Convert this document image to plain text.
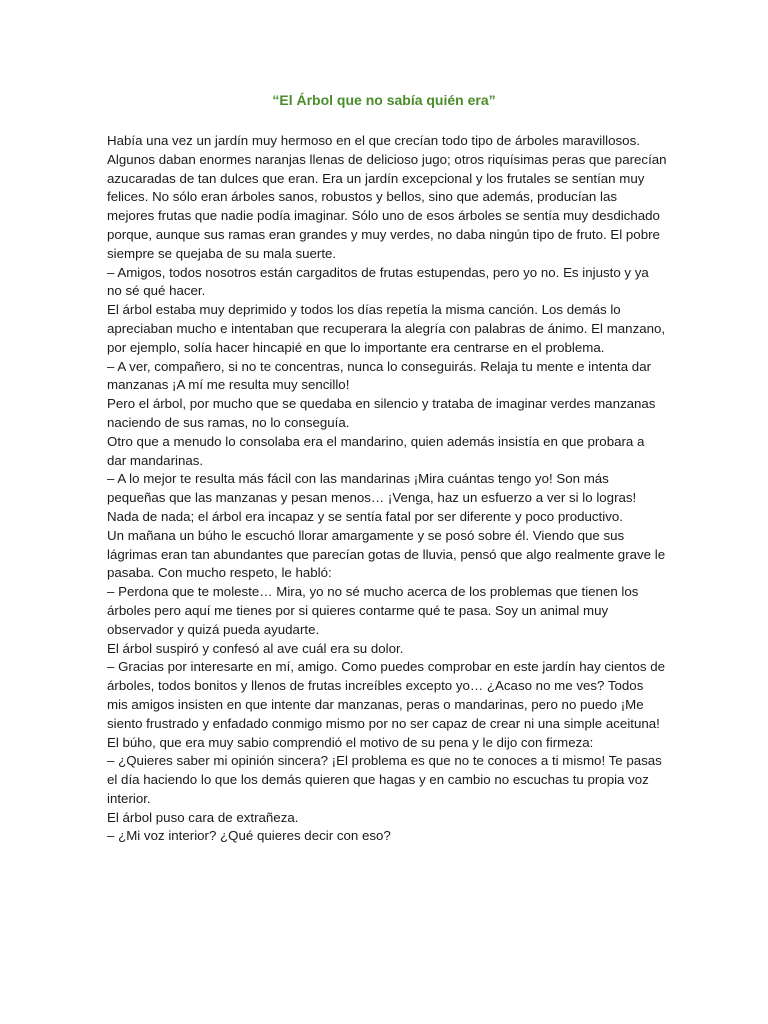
“El Árbol que no sabía quién era”

Había una vez un jardín muy hermoso en el que crecían todo tipo de árboles maravillosos. Algunos daban enormes naranjas llenas de delicioso jugo; otros riquísimas peras que parecían azucaradas de tan dulces que eran. Era un jardín excepcional y los frutales se sentían muy felices. No sólo eran árboles sanos, robustos y bellos, sino que además, producían las mejores frutas que nadie podía imaginar. Sólo uno de esos árboles se sentía muy desdichado porque, aunque sus ramas eran grandes y muy verdes, no daba ningún tipo de fruto. El pobre siempre se quejaba de su mala suerte.

– Amigos, todos nosotros están cargaditos de frutas estupendas, pero yo no. Es injusto y ya no sé qué hacer.

El árbol estaba muy deprimido y todos los días repetía la misma canción. Los demás lo apreciaban mucho e intentaban que recuperara la alegría con palabras de ánimo. El manzano, por ejemplo, solía hacer hincapié en que lo importante era centrarse en el problema.

– A ver, compañero, si no te concentras, nunca lo conseguirás. Relaja tu mente e intenta dar manzanas ¡A mí me resulta muy sencillo!

Pero el árbol, por mucho que se quedaba en silencio y trataba de imaginar verdes manzanas naciendo de sus ramas, no lo conseguía.

Otro que a menudo lo consolaba era el mandarino, quien además insistía en que probara a dar mandarinas.

– A lo mejor te resulta más fácil con las mandarinas ¡Mira cuántas tengo yo! Son más pequeñas que las manzanas y pesan menos… ¡Venga, haz un esfuerzo a ver si lo logras!

Nada de nada; el árbol era incapaz y se sentía fatal por ser diferente y poco productivo.

Un mañana un búho le escuchó llorar amargamente y se posó sobre él. Viendo que sus lágrimas eran tan abundantes que parecían gotas de lluvia, pensó que algo realmente grave le pasaba. Con mucho respeto, le habló:

– Perdona que te moleste… Mira, yo no sé mucho acerca de los problemas que tienen los árboles pero aquí me tienes por si quieres contarme qué te pasa. Soy un animal muy observador y quizá pueda ayudarte.

El árbol suspiró y confesó al ave cuál era su dolor.

– Gracias por interesarte en mí, amigo. Como puedes comprobar en este jardín hay cientos de árboles, todos bonitos y llenos de frutas increíbles excepto yo… ¿Acaso no me ves? Todos mis amigos insisten en que intente dar manzanas, peras o mandarinas, pero no puedo ¡Me siento frustrado y enfadado conmigo mismo por no ser capaz de crear ni una simple aceituna!

El búho, que era muy sabio comprendió el motivo de su pena y le dijo con firmeza:

– ¿Quieres saber mi opinión sincera? ¡El problema es que no te conoces a ti mismo! Te pasas el día haciendo lo que los demás quieren que hagas y en cambio no escuchas tu propia voz interior.

El árbol puso cara de extrañeza.

– ¿Mi voz interior? ¿Qué quieres decir con eso?
